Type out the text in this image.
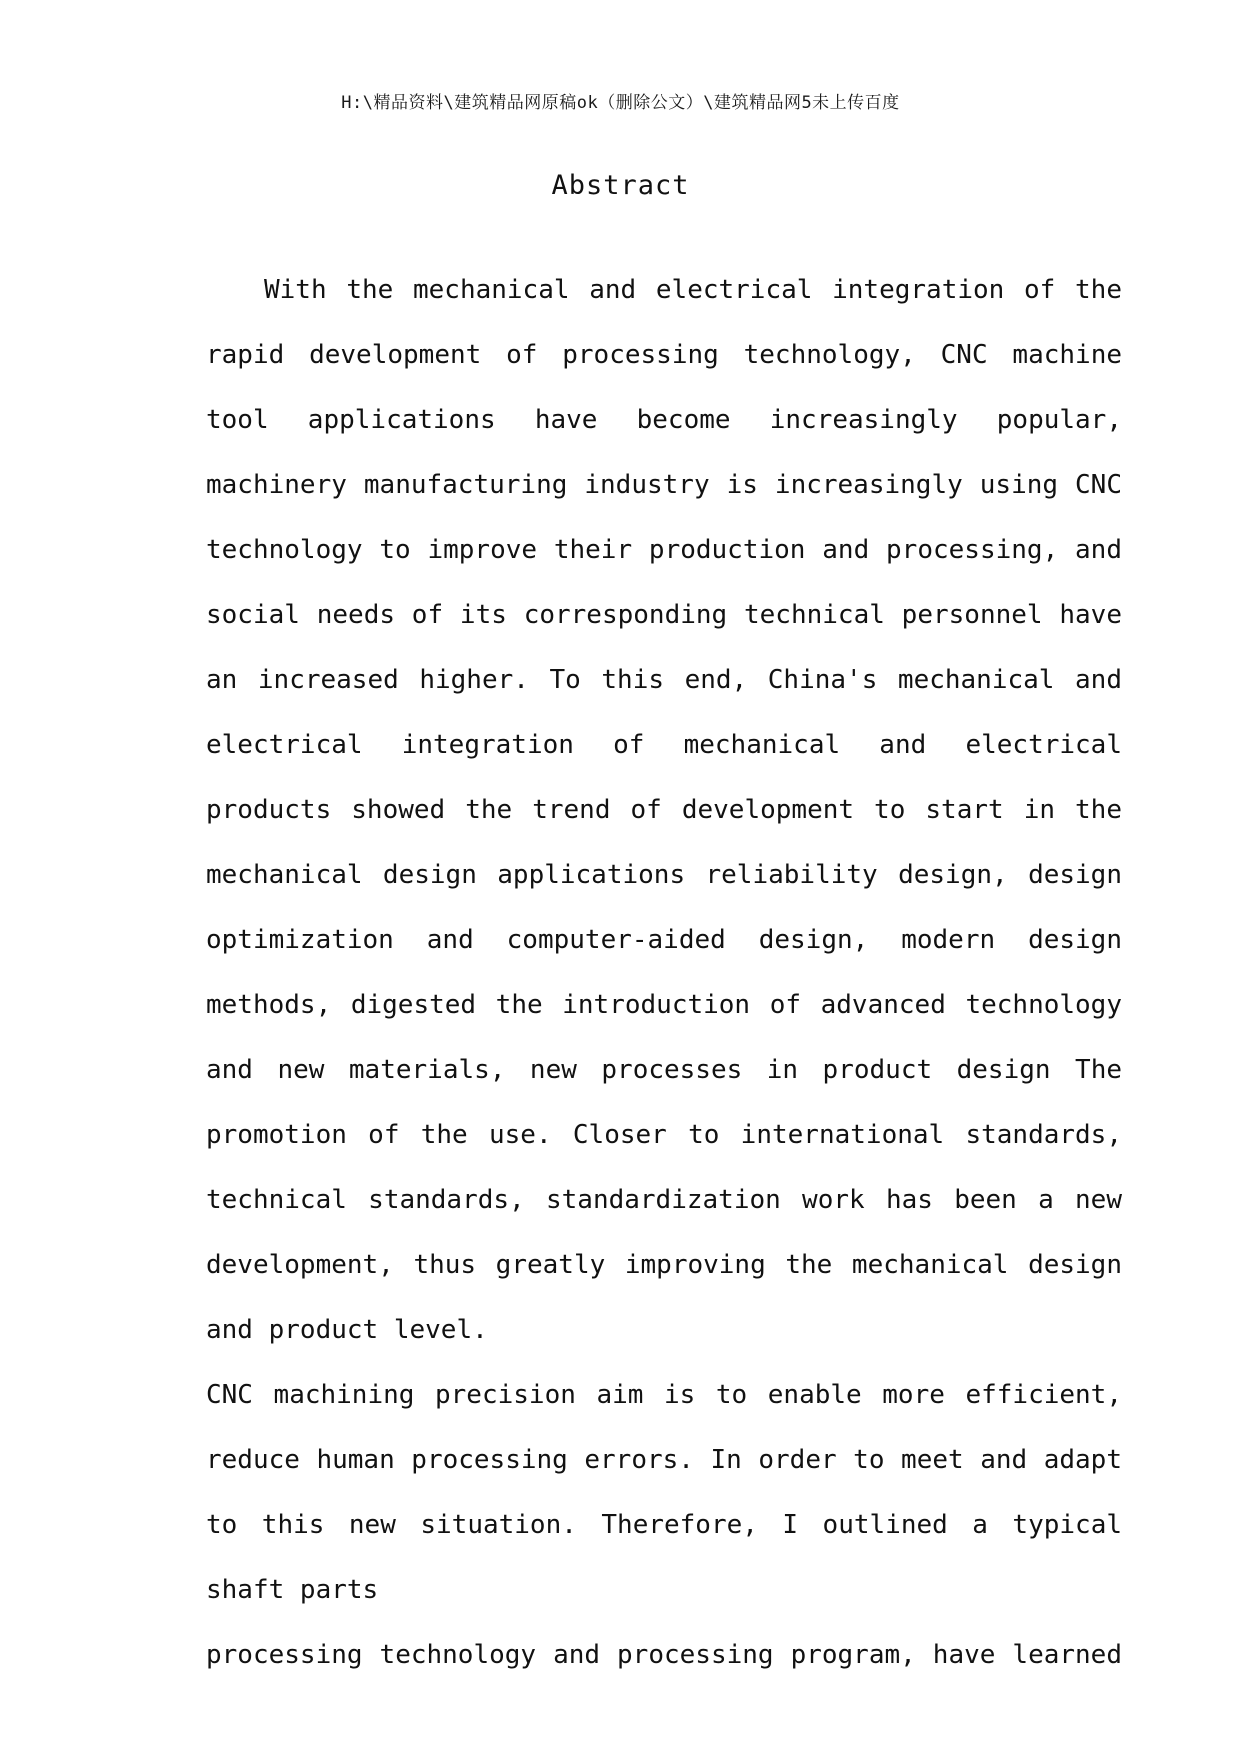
H:\精品资料\建筑精品网原稿ok（删除公文）\建筑精品网5未上传百度
Abstract

With the mechanical and electrical integration of the rapid development of processing technology, CNC machine tool applications have become increasingly popular, machinery manufacturing industry is increasingly using CNC technology to improve their production and processing, and social needs of its corresponding technical personnel have an increased higher. To this end, China's mechanical and electrical integration of mechanical and electrical products showed the trend of development to start in the mechanical design applications reliability design, design optimization and computer-aided design, modern design methods, digested the introduction of advanced technology and new materials, new processes in product design The promotion of the use. Closer to international standards, technical standards, standardization work has been a new development, thus greatly improving the mechanical design and product level.

CNC machining precision aim is to enable more efficient, reduce human processing errors. In order to meet and adapt to this new situation. Therefore, I outlined a typical shaft parts
processing technology and processing program, have learned
